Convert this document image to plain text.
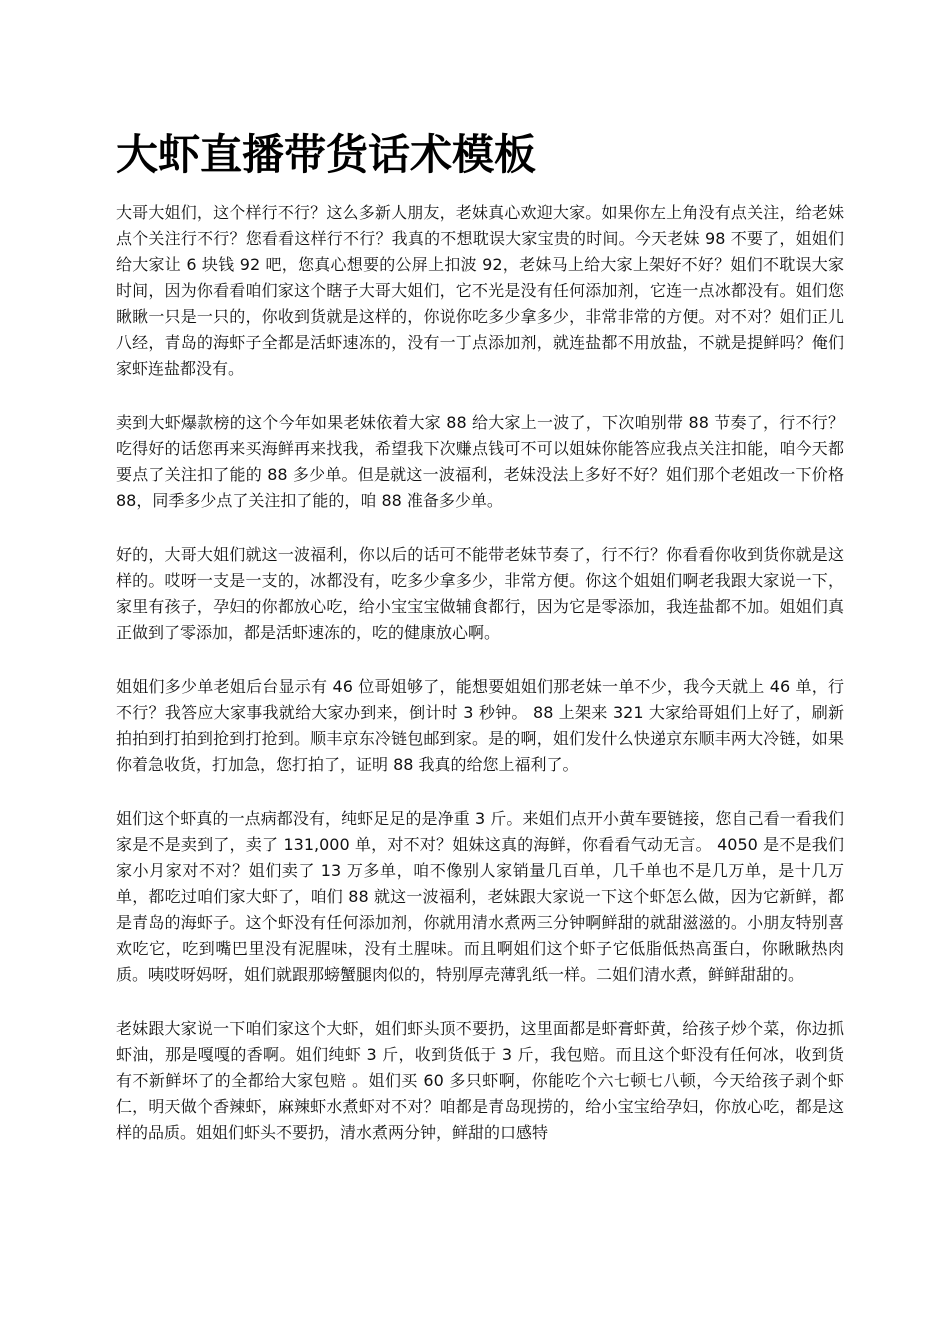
大虾直播带货话术模板

大哥大姐们，这个样行不行？这么多新人朋友，老妹真心欢迎大家。如果你左上角没有点关注，给老妹点个关注行不行？您看看这样行不行？我真的不想耽误大家宝贵的时间。今天老妹 98 不要了，姐姐们给大家让 6 块钱 92 吧，您真心想要的公屏上扣波 92，老妹马上给大家上架好不好？姐们不耽误大家时间，因为你看看咱们家这个瞎子大哥大姐们，它不光是没有任何添加剂，它连一点冰都没有。姐们您瞅瞅一只是一只的，你收到货就是这样的，你说你吃多少拿多少，非常非常的方便。对不对？姐们正儿八经，青岛的海虾子全都是活虾速冻的，没有一丁点添加剂，就连盐都不用放盐，不就是提鲜吗？俺们家虾连盐都没有。

卖到大虾爆款榜的这个今年如果老妹依着大家 88 给大家上一波了，下次咱别带 88 节奏了，行不行？吃得好的话您再来买海鲜再来找我，希望我下次赚点钱可不可以姐妹你能答应我点关注扣能，咱今天都要点了关注扣了能的 88 多少单。但是就这一波福利，老妹没法上多好不好？姐们那个老姐改一下价格 88，同季多少点了关注扣了能的，咱 88 准备多少单。

好的，大哥大姐们就这一波福利，你以后的话可不能带老妹节奏了，行不行？你看看你收到货你就是这样的。哎呀一支是一支的，冰都没有，吃多少拿多少，非常方便。你这个姐姐们啊老我跟大家说一下，家里有孩子，孕妇的你都放心吃，给小宝宝宝做辅食都行，因为它是零添加，我连盐都不加。姐姐们真正做到了零添加，都是活虾速冻的，吃的健康放心啊。

姐姐们多少单老姐后台显示有 46 位哥姐够了，能想要姐姐们那老妹一单不少，我今天就上 46 单，行不行？我答应大家事我就给大家办到来，倒计时 3 秒钟。 88 上架来 321 大家给哥姐们上好了，刷新拍拍到打拍到抢到打抢到。顺丰京东冷链包邮到家。是的啊，姐们发什么快递京东顺丰两大冷链，如果你着急收货，打加急，您打拍了，证明 88 我真的给您上福利了。

姐们这个虾真的一点病都没有，纯虾足足的是净重 3 斤。来姐们点开小黄车要链接，您自己看一看我们家是不是卖到了，卖了 131,000 单，对不对？姐妹这真的海鲜，你看看气动无言。 4050 是不是我们家小月家对不对？姐们卖了 13 万多单，咱不像别人家销量几百单，几千单也不是几万单，是十几万单，都吃过咱们家大虾了，咱们 88 就这一波福利，老妹跟大家说一下这个虾怎么做，因为它新鲜，都是青岛的海虾子。这个虾没有任何添加剂，你就用清水煮两三分钟啊鲜甜的就甜滋滋的。小朋友特别喜欢吃它，吃到嘴巴里没有泥腥味，没有土腥味。而且啊姐们这个虾子它低脂低热高蛋白，你瞅瞅热肉质。咦哎呀妈呀，姐们就跟那螃蟹腿肉似的，特别厚壳薄乳纸一样。二姐们清水煮，鲜鲜甜甜的。

老妹跟大家说一下咱们家这个大虾，姐们虾头顶不要扔，这里面都是虾膏虾黄，给孩子炒个菜，你边抓虾油，那是嘎嘎的香啊。姐们纯虾 3 斤，收到货低于 3 斤，我包赔。而且这个虾没有任何冰，收到货有不新鲜坏了的全都给大家包赔 。姐们买 60 多只虾啊，你能吃个六七顿七八顿，今天给孩子剥个虾仁，明天做个香辣虾，麻辣虾水煮虾对不对？咱都是青岛现捞的，给小宝宝给孕妇，你放心吃，都是这样的品质。姐姐们虾头不要扔，清水煮两分钟，鲜甜的口感特
